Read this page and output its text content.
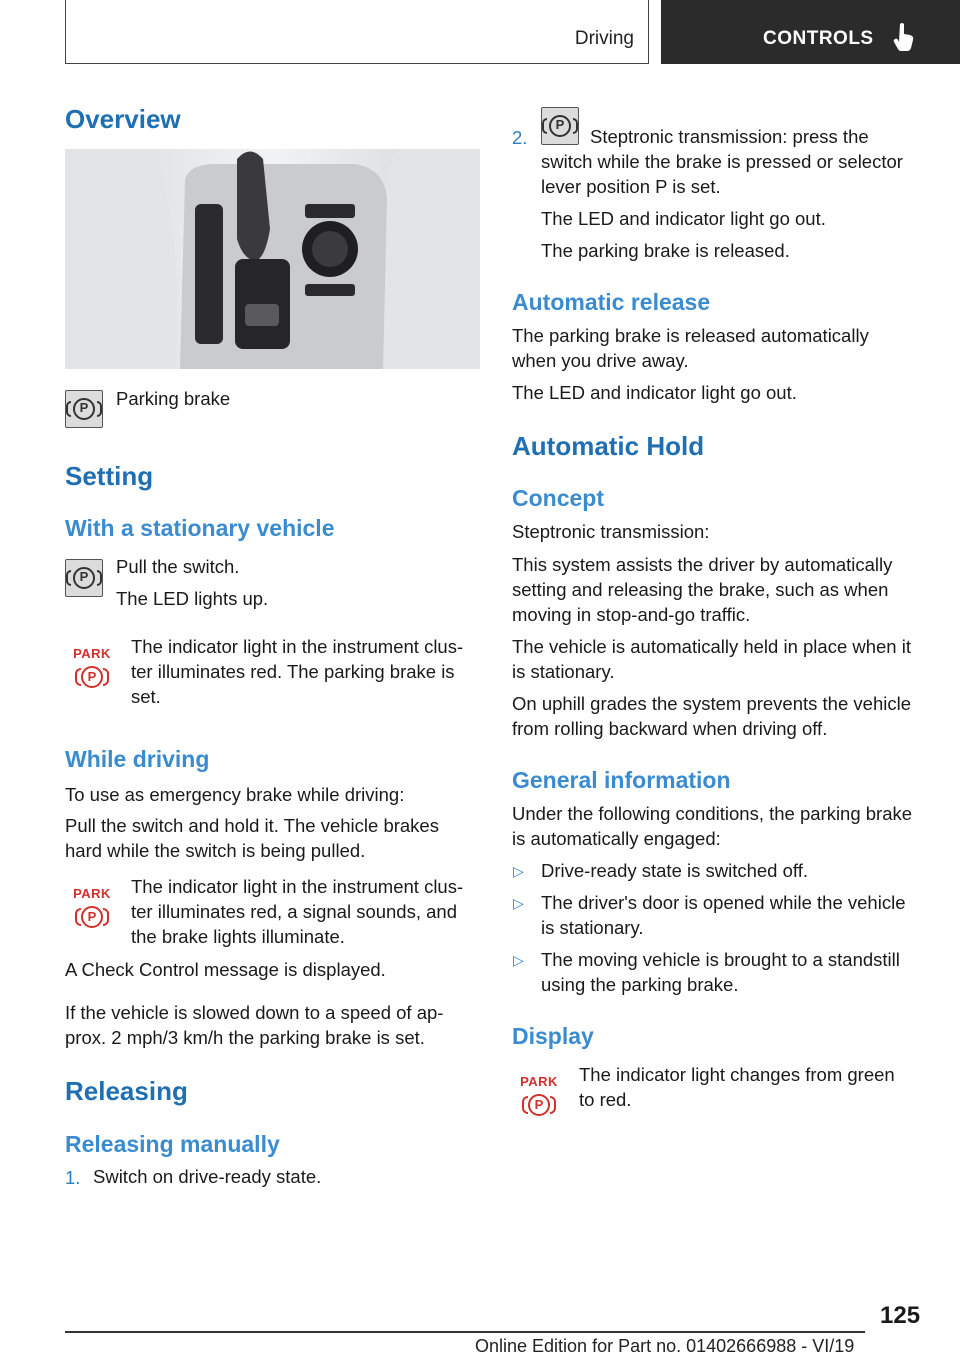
Driving	CONTROLS
Overview
P	Parking brake

Setting
With a stationary vehicle
P	Pull the switch.

The LED lights up.

PARK
P

The indicator light in the instrument clus‐

ter illuminates red. The parking brake is

set.

While driving

To use as emergency brake while driving:

Pull the switch and hold it. The vehicle brakes

hard while the switch is being pulled.

PARK
P

The indicator light in the instrument clus‐

ter illuminates red, a signal sounds, and

the brake lights illuminate.

A Check Control message is displayed.

If the vehicle is slowed down to a speed of ap‐

prox. 2 mph/3 km/h the parking brake is set.

Releasing
Releasing manually
1. Switch on drive-ready state.

2.
P

Steptronic transmission: press the

switch while the brake is pressed or selector

lever position P is set.

The LED and indicator light go out.

The parking brake is released.

Automatic release

The parking brake is released automatically

when you drive away.

The LED and indicator light go out.

Automatic Hold
Concept

Steptronic transmission:

This system assists the driver by automatically

setting and releasing the brake, such as when

moving in stop-and-go traffic.

The vehicle is automatically held in place when it

is stationary.

On uphill grades the system prevents the vehicle

from rolling backward when driving off.

General information

Under the following conditions, the parking brake

is automatically engaged:

▷ Drive-ready state is switched off.

▷ The driver's door is opened while the vehicle

is stationary.

▷ The moving vehicle is brought to a standstill

using the parking brake.

Display
PARK
P

The indicator light changes from green

to red.

125
Online Edition for Part no. 01402666988 - VI/19
